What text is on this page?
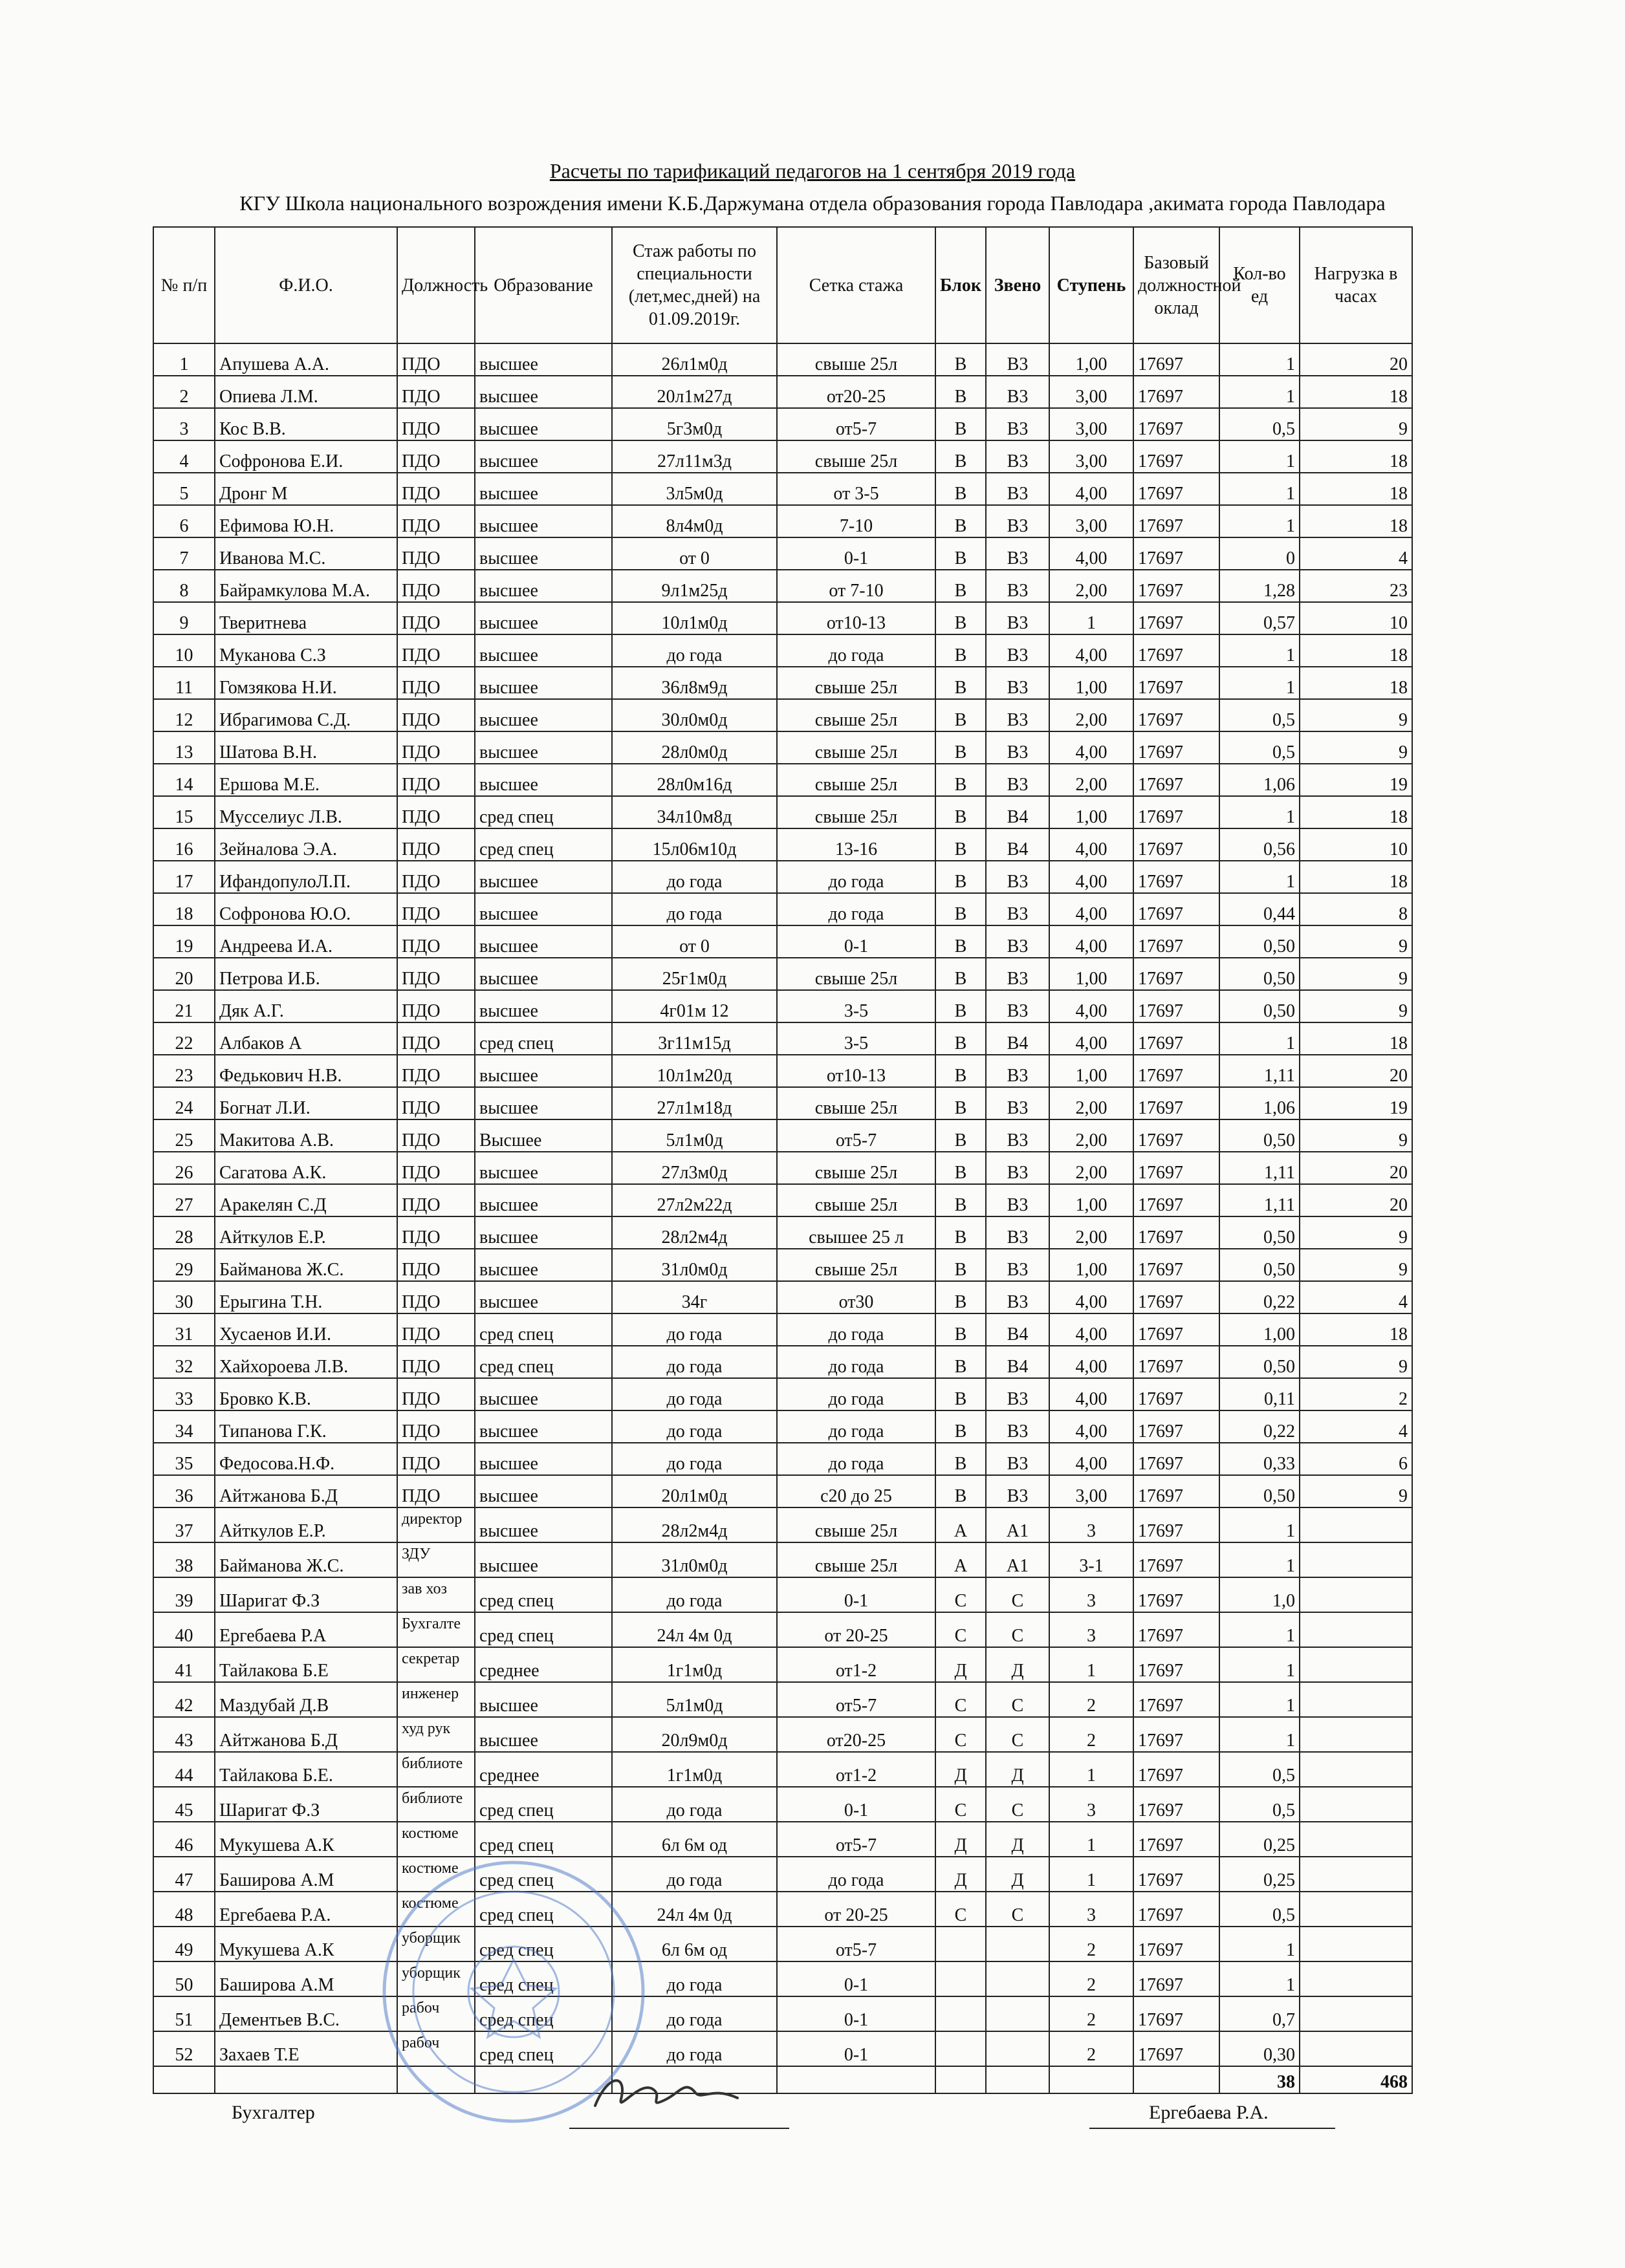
Расчеты по тарификаций педагогов на 1 сентября 2019 года
КГУ Школа национального возрождения имени К.Б.Даржумана отдела образования города Павлодара ,акимата города Павлодара
№ п/п	Ф.И.О.	Должность	Образование	Стаж работы по специальности (лет,мес,дней) на 01.09.2019г.	Сетка стажа	Блок	Звено	Ступень	Базовый должностной оклад	Кол-во ед	Нагрузка в часах
1	Апушева А.А.	ПДО	высшее	26л1м0д	свыше 25л	В	В3	1,00	17697	1	20
2	Опиева Л.М.	ПДО	высшее	20л1м27д	от20-25	В	В3	3,00	17697	1	18
3	Кос В.В.	ПДО	высшее	5г3м0д	от5-7	В	В3	3,00	17697	0,5	9
4	Софронова Е.И.	ПДО	высшее	27л11м3д	свыше 25л	В	В3	3,00	17697	1	18
5	Дронг М	ПДО	высшее	3л5м0д	от 3-5	В	В3	4,00	17697	1	18
6	Ефимова Ю.Н.	ПДО	высшее	8л4м0д	7-10	В	В3	3,00	17697	1	18
7	Иванова М.С.	ПДО	высшее	от 0	0-1	В	В3	4,00	17697	0	4
8	Байрамкулова М.А.	ПДО	высшее	9л1м25д	от 7-10	В	В3	2,00	17697	1,28	23
9	Тверитнева	ПДО	высшее	10л1м0д	от10-13	В	В3	1	17697	0,57	10
10	Муканова С.З	ПДО	высшее	до года	до года	В	В3	4,00	17697	1	18
11	Гомзякова Н.И.	ПДО	высшее	36л8м9д	свыше 25л	В	В3	1,00	17697	1	18
12	Ибрагимова С.Д.	ПДО	высшее	30л0м0д	свыше 25л	В	В3	2,00	17697	0,5	9
13	Шатова В.Н.	ПДО	высшее	28л0м0д	свыше 25л	В	В3	4,00	17697	0,5	9
14	Ершова М.Е.	ПДО	высшее	28л0м16д	свыше 25л	В	В3	2,00	17697	1,06	19
15	Мусселиус Л.В.	ПДО	сред спец	34л10м8д	свыше 25л	В	В4	1,00	17697	1	18
16	Зейналова Э.А.	ПДО	сред спец	15л06м10д	13-16	В	В4	4,00	17697	0,56	10
17	ИфандопулоЛ.П.	ПДО	высшее	до года	до года	В	В3	4,00	17697	1	18
18	Софронова Ю.О.	ПДО	высшее	до года	до года	В	В3	4,00	17697	0,44	8
19	Андреева И.А.	ПДО	высшее	от 0	0-1	В	В3	4,00	17697	0,50	9
20	Петрова И.Б.	ПДО	высшее	25г1м0д	свыше 25л	В	В3	1,00	17697	0,50	9
21	Дяк А.Г.	ПДО	высшее	4г01м 12	3-5	В	В3	4,00	17697	0,50	9
22	Албаков А	ПДО	сред спец	3г11м15д	3-5	В	В4	4,00	17697	1	18
23	Федькович Н.В.	ПДО	высшее	10л1м20д	от10-13	В	В3	1,00	17697	1,11	20
24	Богнат Л.И.	ПДО	высшее	27л1м18д	свыше 25л	В	В3	2,00	17697	1,06	19
25	Макитова А.В.	ПДО	Высшее	5л1м0д	от5-7	В	В3	2,00	17697	0,50	9
26	Сагатова А.К.	ПДО	высшее	27л3м0д	свыше 25л	В	В3	2,00	17697	1,11	20
27	Аракелян С.Д	ПДО	высшее	27л2м22д	свыше 25л	В	В3	1,00	17697	1,11	20
28	Айткулов Е.Р.	ПДО	высшее	28л2м4д	свышее 25 л	В	В3	2,00	17697	0,50	9
29	Байманова Ж.С.	ПДО	высшее	31л0м0д	свыше 25л	В	В3	1,00	17697	0,50	9
30	Ерыгина Т.Н.	ПДО	высшее	34г	от30	В	В3	4,00	17697	0,22	4
31	Хусаенов И.И.	ПДО	сред спец	до года	до года	В	В4	4,00	17697	1,00	18
32	Хайхороева Л.В.	ПДО	сред спец	до года	до года	В	В4	4,00	17697	0,50	9
33	Бровко К.В.	ПДО	высшее	до года	до года	В	В3	4,00	17697	0,11	2
34	Типанова Г.К.	ПДО	высшее	до года	до года	В	В3	4,00	17697	0,22	4
35	Федосова.Н.Ф.	ПДО	высшее	до года	до года	В	В3	4,00	17697	0,33	6
36	Айтжанова Б.Д	ПДО	высшее	20л1м0д	с20 до 25	В	В3	3,00	17697	0,50	9
37	Айткулов Е.Р.	директор	высшее	28л2м4д	свыше 25л	А	А1	3	17697	1	
38	Байманова Ж.С.	ЗДУ	высшее	31л0м0д	свыше 25л	А	А1	3-1	17697	1	
39	Шаригат Ф.З	зав хоз	сред спец	до года	0-1	С	С	3	17697	1,0	
40	Ергебаева Р.А	Бухгалте	сред спец	24л 4м 0д	от 20-25	С	С	3	17697	1	
41	Тайлакова Б.Е	секретар	среднее	1г1м0д	от1-2	Д	Д	1	17697	1	
42	Маздубай Д.В	инженер	высшее	5л1м0д	от5-7	С	С	2	17697	1	
43	Айтжанова Б.Д	худ рук	высшее	20л9м0д	от20-25	С	С	2	17697	1	
44	Тайлакова Б.Е.	библиоте	среднее	1г1м0д	от1-2	Д	Д	1	17697	0,5	
45	Шаригат Ф.З	библиоте	сред спец	до года	0-1	С	С	3	17697	0,5	
46	Мукушева А.К	костюме	сред спец	6л 6м од	от5-7	Д	Д	1	17697	0,25	
47	Баширова А.М	костюме	сред спец	до года	до года	Д	Д	1	17697	0,25	
48	Ергебаева Р.А.	костюме	сред спец	24л 4м 0д	от 20-25	С	С	3	17697	0,5	
49	Мукушева А.К	уборщик	сред спец	6л 6м од	от5-7			2	17697	1	
50	Баширова А.М	уборщик	сред спец	до года	0-1			2	17697	1	
51	Дементьев В.С.	рабоч	сред спец	до года	0-1			2	17697	0,7	
52	Захаев Т.Е	рабоч	сред спец	до года	0-1			2	17697	0,30	
										38	468
Бухгалтер	Ергебаева Р.А.
